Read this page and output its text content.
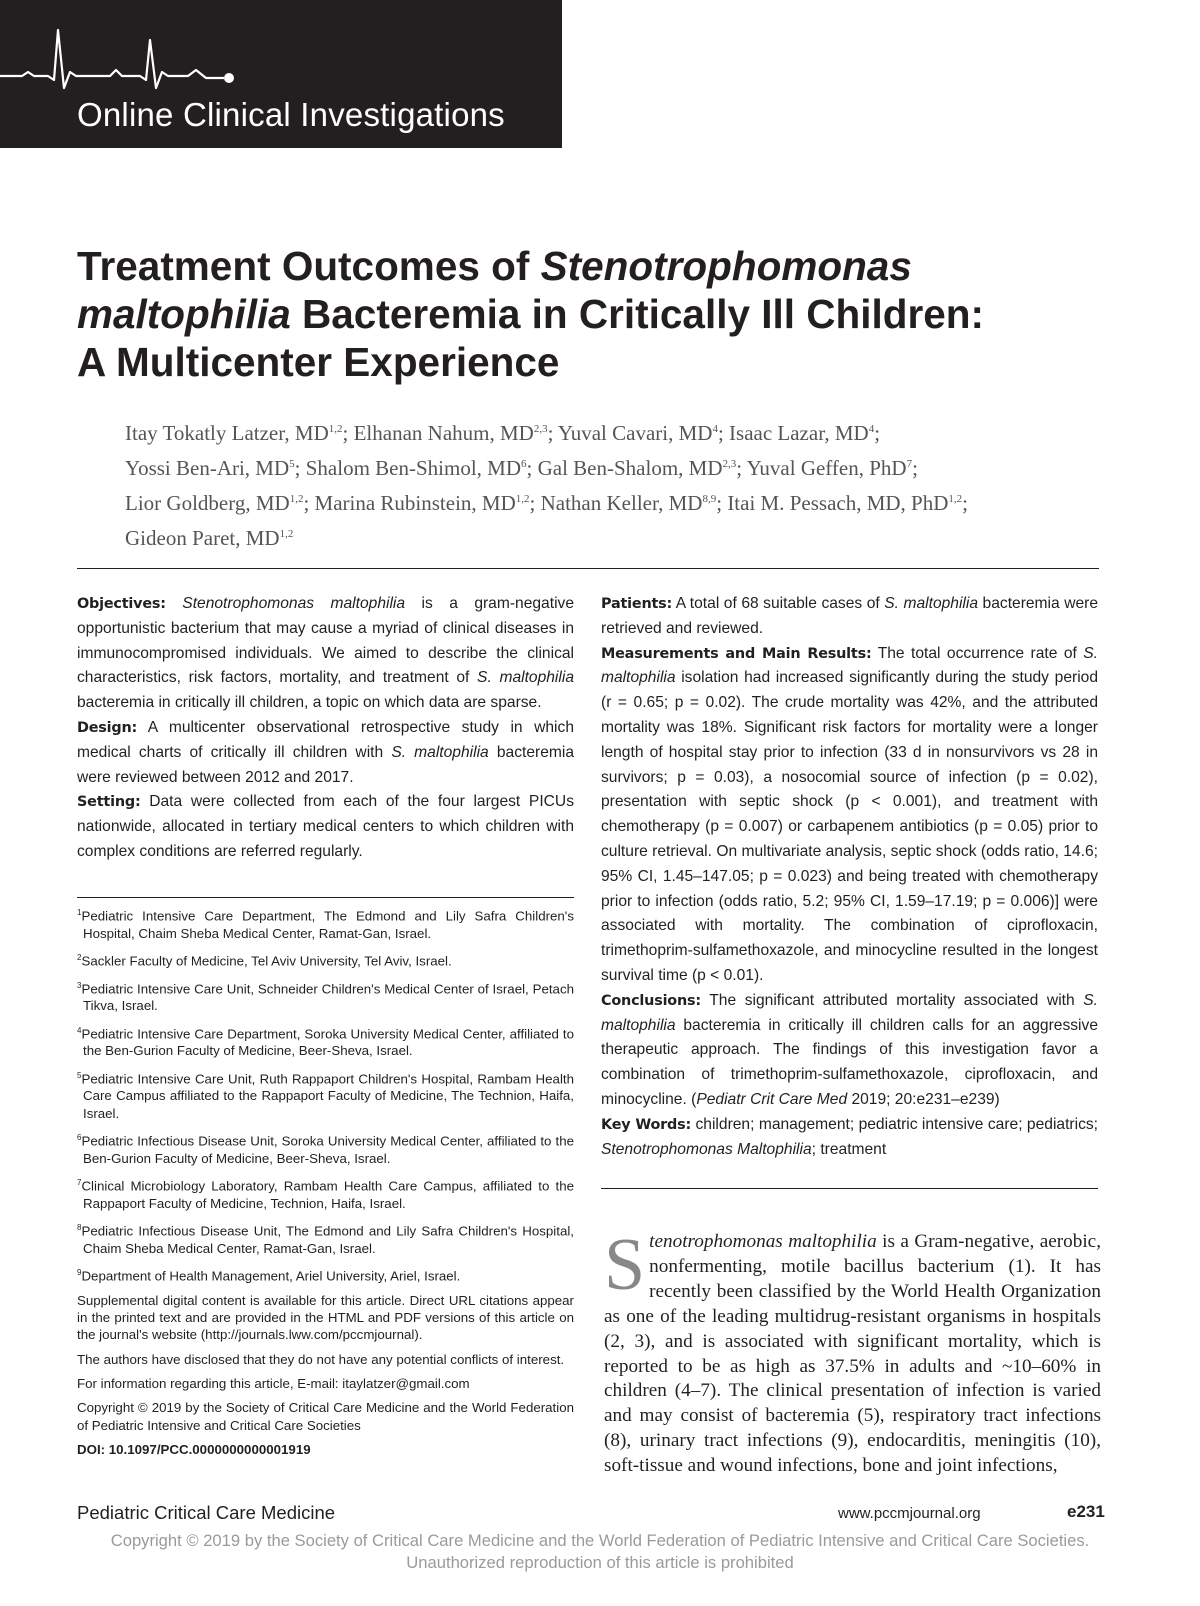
Online Clinical Investigations
Treatment Outcomes of Stenotrophomonas
maltophilia Bacteremia in Critically Ill Children:
A Multicenter Experience
Itay Tokatly Latzer, MD$^{1,2}$; Elhanan Nahum, MD$^{2,3}$; Yuval Cavari, $MD^4$; Isaac Lazar, $MD^4$;
Yossi Ben-Ari, $MD^5$; Shalom Ben-Shimol, $MD^6$; Gal Ben-Shalom, MD$^{2,3}$; Yuval Geffen, PhD$^7$;
Lior Goldberg, MD$^{1,2}$; Marina Rubinstein, MD$^{1,2}$; Nathan Keller, MD$^{8,9}$; Itai M. Pessach, MD, PhD$^{1,2}$;
Gideon Paret, MD$^{1,2}$

Objectives: Stenotrophomonas maltophilia is a gram-negative opportunistic bacterium that may cause a myriad of clinical diseases in immunocompromised individuals. We aimed to describe the clinical characteristics, risk factors, mortality, and treatment of S. maltophilia bacteremia in critically ill children, a topic on which data are sparse.

Design: A multicenter observational retrospective study in which medical charts of critically ill children with S. maltophilia bacteremia were reviewed between 2012 and 2017.

Setting: Data were collected from each of the four largest PICUs nationwide, allocated in tertiary medical centers to which children with complex conditions are referred regularly.

$^1$Pediatric Intensive Care Department, The Edmond and Lily Safra Children's Hospital, Chaim Sheba Medical Center, Ramat-Gan, Israel.

$^2$Sackler Faculty of Medicine, Tel Aviv University, Tel Aviv, Israel.

$^3$Pediatric Intensive Care Unit, Schneider Children's Medical Center of Israel, Petach Tikva, Israel.

$^4$Pediatric Intensive Care Department, Soroka University Medical Center, affiliated to the Ben-Gurion Faculty of Medicine, Beer-Sheva, Israel.

$^5$Pediatric Intensive Care Unit, Ruth Rappaport Children's Hospital, Rambam Health Care Campus affiliated to the Rappaport Faculty of Medicine, The Technion, Haifa, Israel.

$^6$Pediatric Infectious Disease Unit, Soroka University Medical Center, affiliated to the Ben-Gurion Faculty of Medicine, Beer-Sheva, Israel.

$^7$Clinical Microbiology Laboratory, Rambam Health Care Campus, affiliated to the Rappaport Faculty of Medicine, Technion, Haifa, Israel.

$^8$Pediatric Infectious Disease Unit, The Edmond and Lily Safra Children's Hospital, Chaim Sheba Medical Center, Ramat-Gan, Israel.

$^9$Department of Health Management, Ariel University, Ariel, Israel.

Supplemental digital content is available for this article. Direct URL citations appear in the printed text and are provided in the HTML and PDF versions of this article on the journal's website (http://journals.lww.com/pccmjournal).

The authors have disclosed that they do not have any potential conflicts of interest.

For information regarding this article, E-mail: itaylatzer@gmail.com

Copyright © 2019 by the Society of Critical Care Medicine and the World Federation of Pediatric Intensive and Critical Care Societies

DOI: 10.1097/PCC.0000000000001919

Patients: A total of 68 suitable cases of S. maltophilia bacteremia were retrieved and reviewed.

Measurements and Main Results: The total occurrence rate of S. maltophilia isolation had increased significantly during the study period (r = 0.65; p = 0.02). The crude mortality was 42%, and the attributed mortality was 18%. Significant risk factors for mortality were a longer length of hospital stay prior to infection (33 d in nonsurvivors vs 28 in survivors; p = 0.03), a nosocomial source of infection (p = 0.02), presentation with septic shock (p < 0.001), and treatment with chemotherapy (p = 0.007) or carbapenem antibiotics (p = 0.05) prior to culture retrieval. On multivariate analysis, septic shock (odds ratio, 14.6; 95% CI, 1.45–147.05; p = 0.023) and being treated with chemotherapy prior to infection (odds ratio, 5.2; 95% CI, 1.59–17.19; p = 0.006)] were associated with mortality. The combination of ciprofloxacin, trimethoprim-sulfamethoxazole, and minocycline resulted in the longest survival time (p < 0.01).

Conclusions: The significant attributed mortality associated with S. maltophilia bacteremia in critically ill children calls for an aggressive therapeutic approach. The findings of this investigation favor a combination of trimethoprim-sulfamethoxazole, ciprofloxacin, and minocycline. (Pediatr Crit Care Med 2019; 20:e231–e239)

Key Words: children; management; pediatric intensive care; pediatrics; Stenotrophomonas Maltophilia; treatment

Stenotrophomonas maltophilia is a Gram-negative, aerobic, nonfermenting, motile bacillus bacterium (1). It has recently been classified by the World Health Organization as one of the leading multidrug-resistant organisms in hospitals (2, 3), and is associated with significant mortality, which is reported to be as high as 37.5% in adults and ~10–60% in children (4–7). The clinical presentation of infection is varied and may consist of bacteremia (5), respiratory tract infections (8), urinary tract infections (9), endocarditis, meningitis (10), soft-tissue and wound infections, bone and joint infections,

Pediatric Critical Care Medicine	www.pccmjournal.org	e231
Copyright © 2019 by the Society of Critical Care Medicine and the World Federation of Pediatric Intensive and Critical Care Societies.
Unauthorized reproduction of this article is prohibited
